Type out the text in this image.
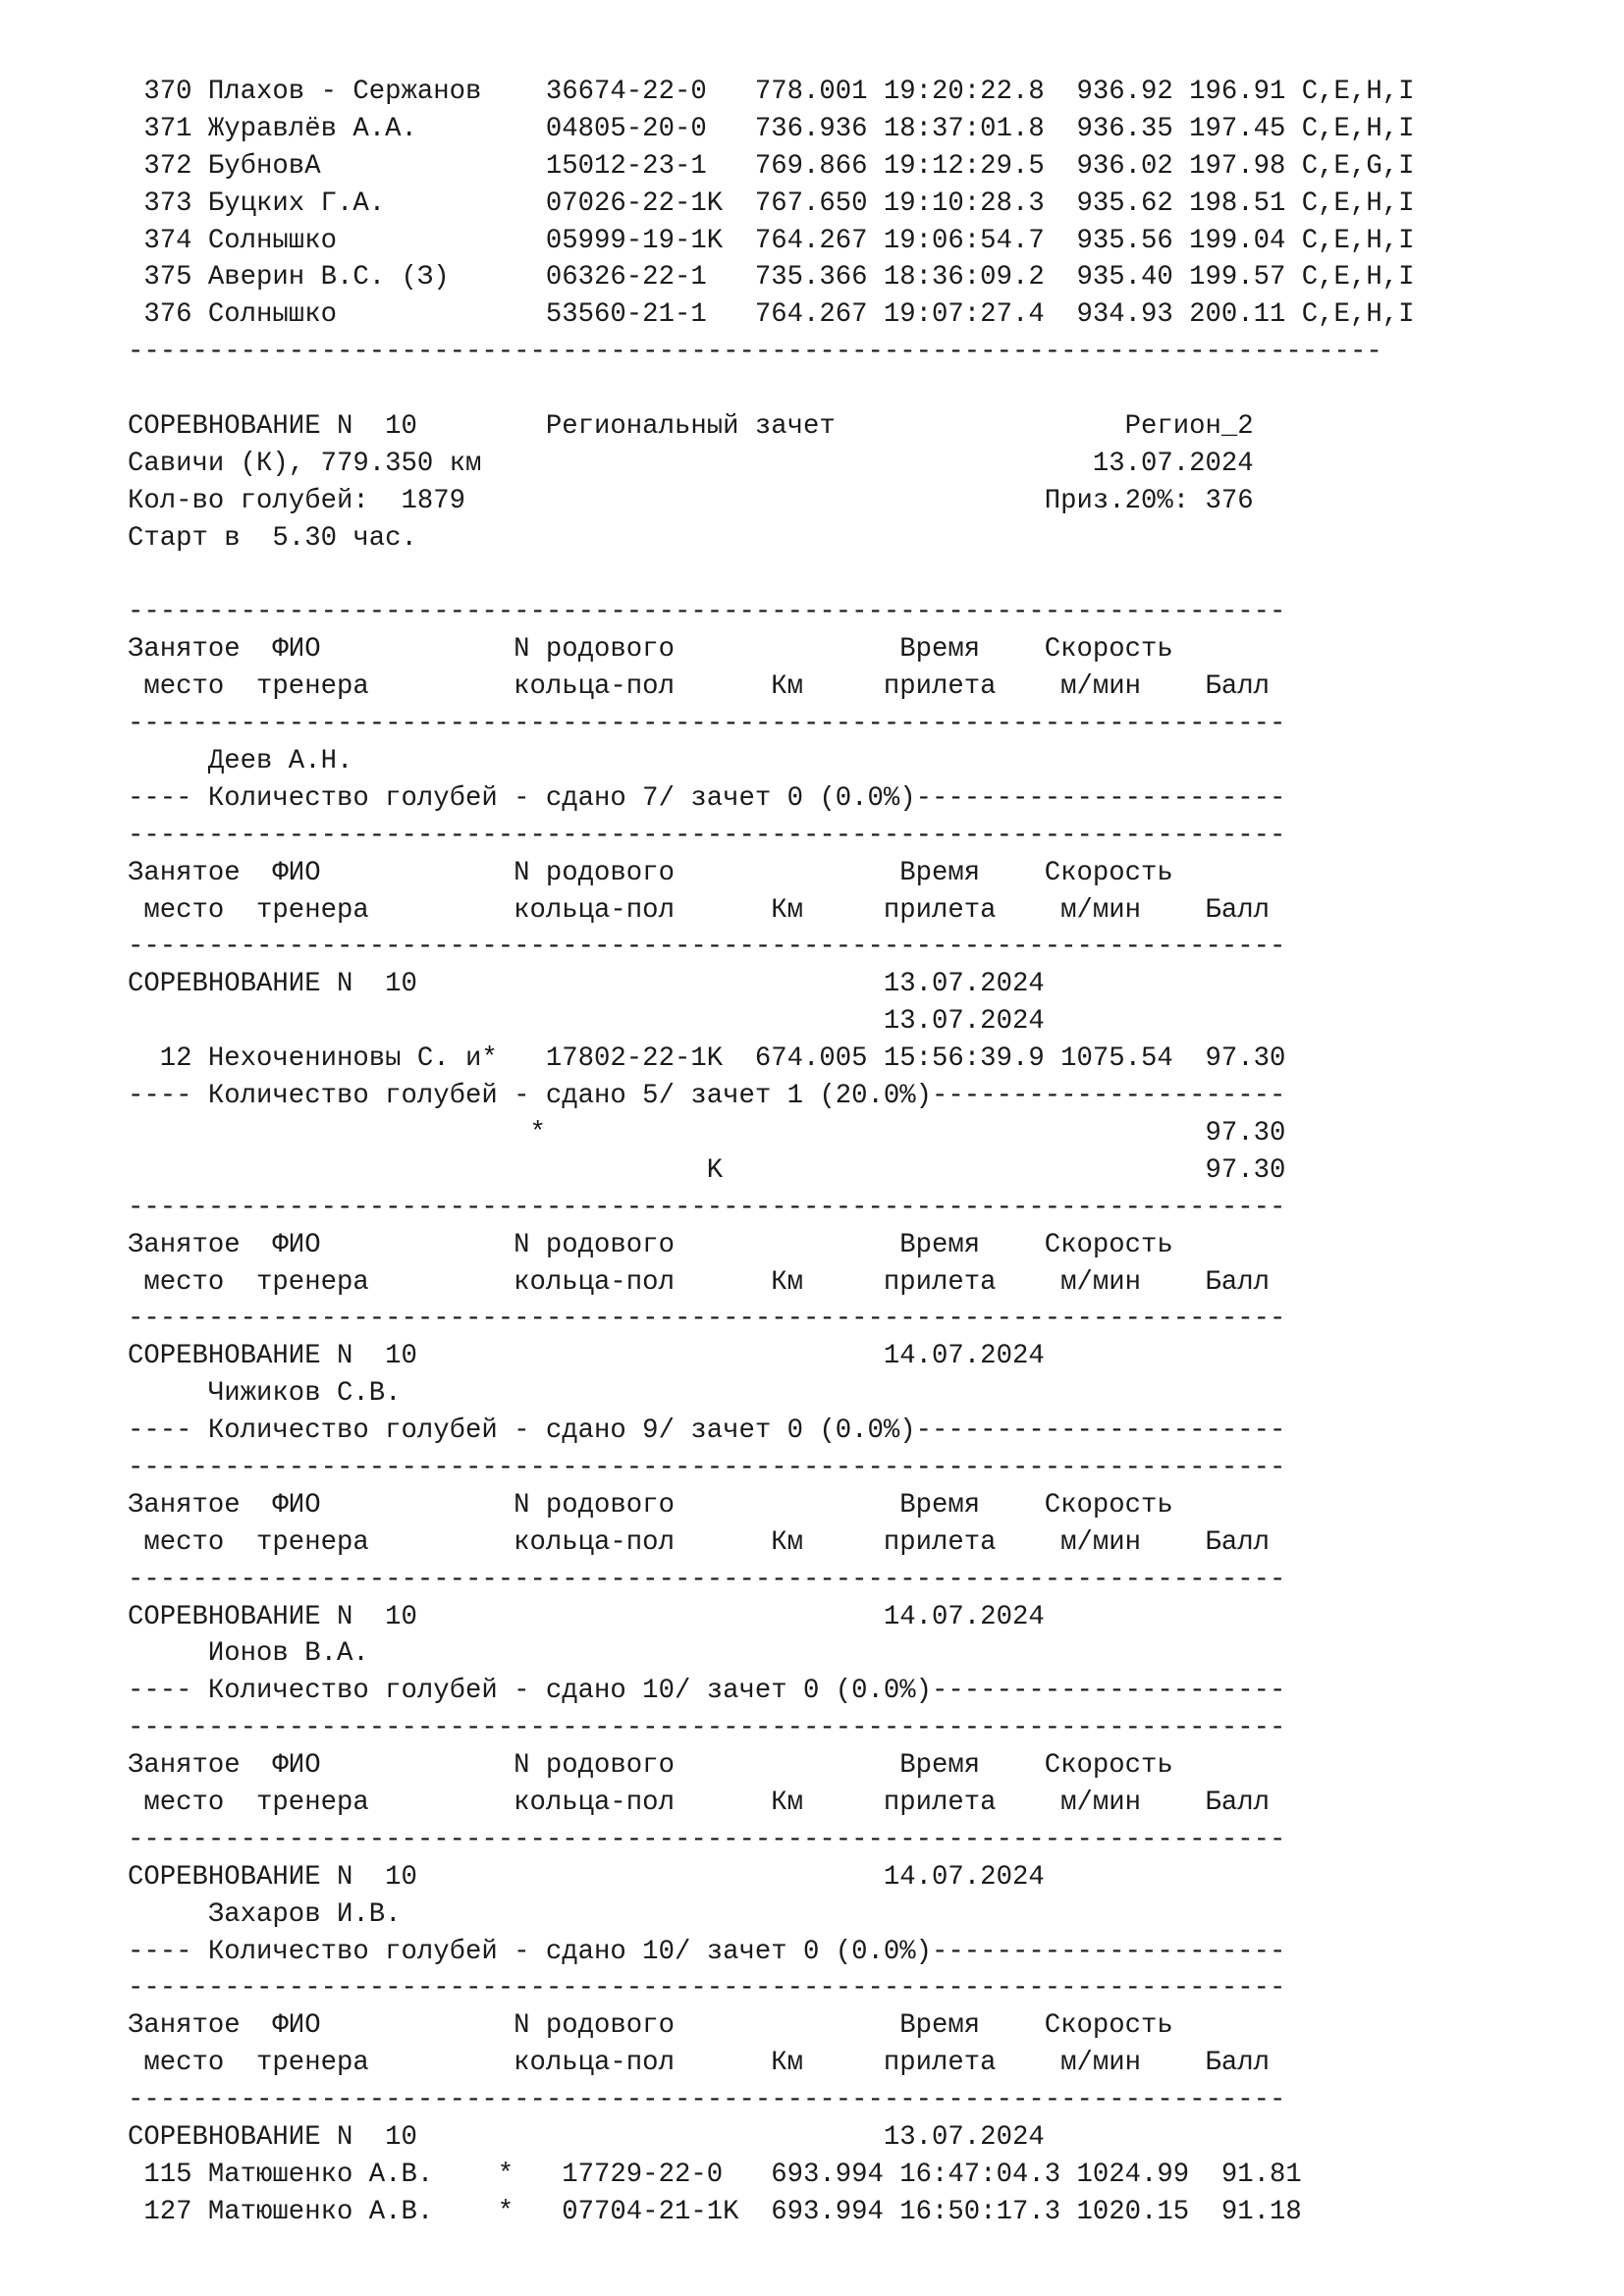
370 Плахов - Сержанов    36674-22-0   778.001 19:20:22.8  936.92 196.91 C,E,H,I
371 Журавлёв А.А.        04805-20-0   736.936 18:37:01.8  936.35 197.45 C,E,H,I
372 БубновА              15012-23-1   769.866 19:12:29.5  936.02 197.98 C,E,G,I
373 Буцких Г.А.          07026-22-1K  767.650 19:10:28.3  935.62 198.51 C,E,H,I
374 Солнышко             05999-19-1K  764.267 19:06:54.7  935.56 199.04 C,E,H,I
375 Аверин В.С. (З)      06326-22-1   735.366 18:36:09.2  935.40 199.57 C,E,H,I
376 Солнышко             53560-21-1   764.267 19:07:27.4  934.93 200.11 C,E,H,I
------------------------------------------------------------------------------

СОРЕВНОВАНИЕ N  10        Региональный зачет                  Регион_2
Савичи (К), 779.350 км                                      13.07.2024
Кол-во голубей:  1879                                    Приз.20%: 376
Старт в  5.30 час.

------------------------------------------------------------------------
Занятое  ФИО            N родового              Время    Скорость
место  тренера         кольца-пол      Км     прилета    м/мин    Балл
------------------------------------------------------------------------
Деев А.Н.
---- Количество голубей - сдано 7/ зачет 0 (0.0%)-----------------------
------------------------------------------------------------------------
Занятое  ФИО            N родового              Время    Скорость
место  тренера         кольца-пол      Км     прилета    м/мин    Балл
------------------------------------------------------------------------
СОРЕВНОВАНИЕ N  10                             13.07.2024
13.07.2024
12 Нехочениновы С. и*   17802-22-1K  674.005 15:56:39.9 1075.54  97.30
---- Количество голубей - сдано 5/ зачет 1 (20.0%)----------------------
*                                         97.30
K                              97.30
------------------------------------------------------------------------
Занятое  ФИО            N родового              Время    Скорость
место  тренера         кольца-пол      Км     прилета    м/мин    Балл
------------------------------------------------------------------------
СОРЕВНОВАНИЕ N  10                             14.07.2024
Чижиков С.В.
---- Количество голубей - сдано 9/ зачет 0 (0.0%)-----------------------
------------------------------------------------------------------------
Занятое  ФИО            N родового              Время    Скорость
место  тренера         кольца-пол      Км     прилета    м/мин    Балл
------------------------------------------------------------------------
СОРЕВНОВАНИЕ N  10                             14.07.2024
Ионов В.А.
---- Количество голубей - сдано 10/ зачет 0 (0.0%)----------------------
------------------------------------------------------------------------
Занятое  ФИО            N родового              Время    Скорость
место  тренера         кольца-пол      Км     прилета    м/мин    Балл
------------------------------------------------------------------------
СОРЕВНОВАНИЕ N  10                             14.07.2024
Захаров И.В.
---- Количество голубей - сдано 10/ зачет 0 (0.0%)----------------------
------------------------------------------------------------------------
Занятое  ФИО            N родового              Время    Скорость
место  тренера         кольца-пол      Км     прилета    м/мин    Балл
------------------------------------------------------------------------
СОРЕВНОВАНИЕ N  10                             13.07.2024
115 Матюшенко А.В.    *   17729-22-0   693.994 16:47:04.3 1024.99  91.81
127 Матюшенко А.В.    *   07704-21-1K  693.994 16:50:17.3 1020.15  91.18
